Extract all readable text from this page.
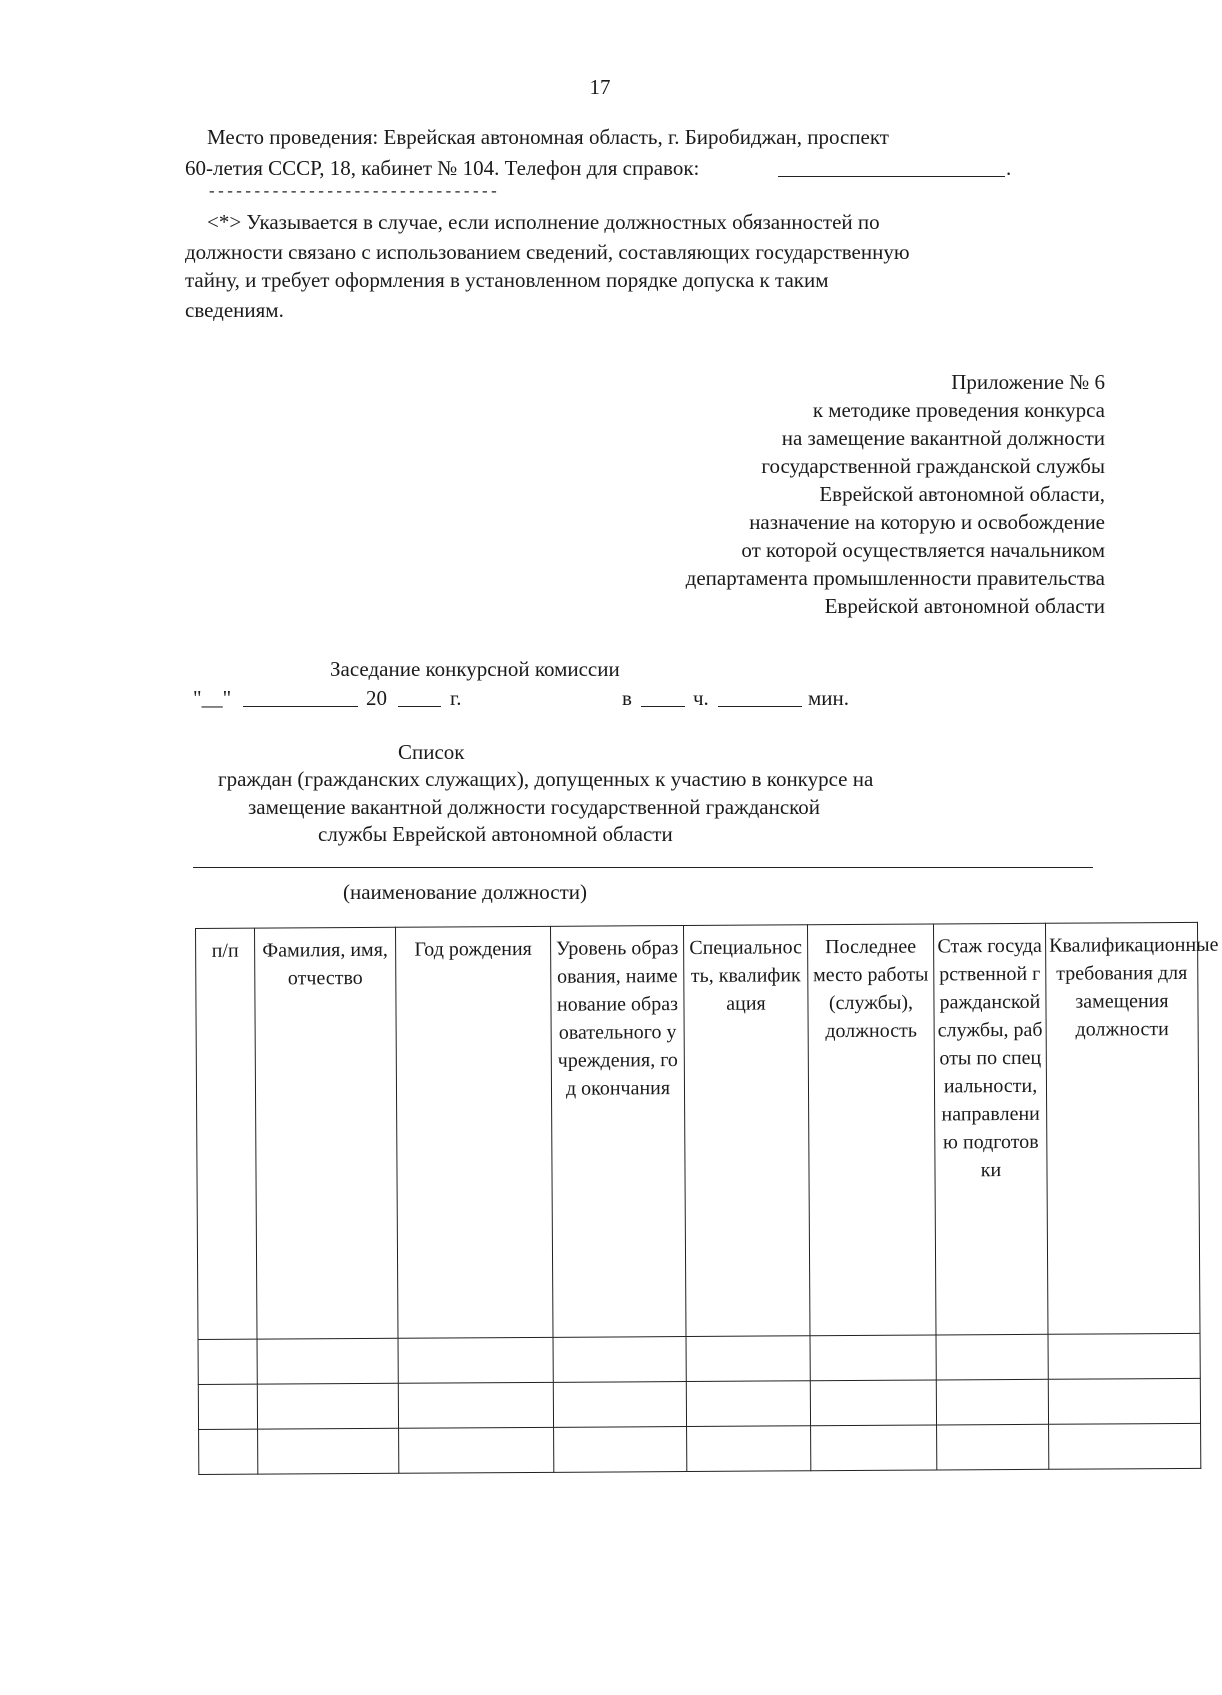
17
Место проведения: Еврейская автономная область, г. Биробиджан, проспект
60-летия СССР, 18, кабинет № 104. Телефон для справок:	.
--------------------------------
<*> Указывается в случае, если исполнение должностных обязанностей по
должности связано с использованием сведений, составляющих государственную
тайну, и требует оформления в установленном порядке допуска к таким
сведениям.
Приложение № 6
к методике проведения конкурса
на замещение вакантной должности
государственной гражданской службы
Еврейской автономной области,
назначение на которую и освобождение
от которой осуществляется начальником
департамента промышленности правительства
Еврейской автономной области
Заседание конкурсной комиссии
"__"	20	г.	в	ч.	мин.
Список
граждан (гражданских служащих), допущенных к участию в конкурсе на
замещение вакантной должности государственной гражданской
службы Еврейской автономной области
(наименование должности)
п/п	Фамилия, имя, отчество	Год рождения	Уровень образования, наименование образовательного учреждения, год окончания	Специальность, квалификация	Последнее место работы (службы), должность	Стаж государственной гражданской службы, работы по специальности, направлению подготовки	Квалификационные требования для замещения должности
